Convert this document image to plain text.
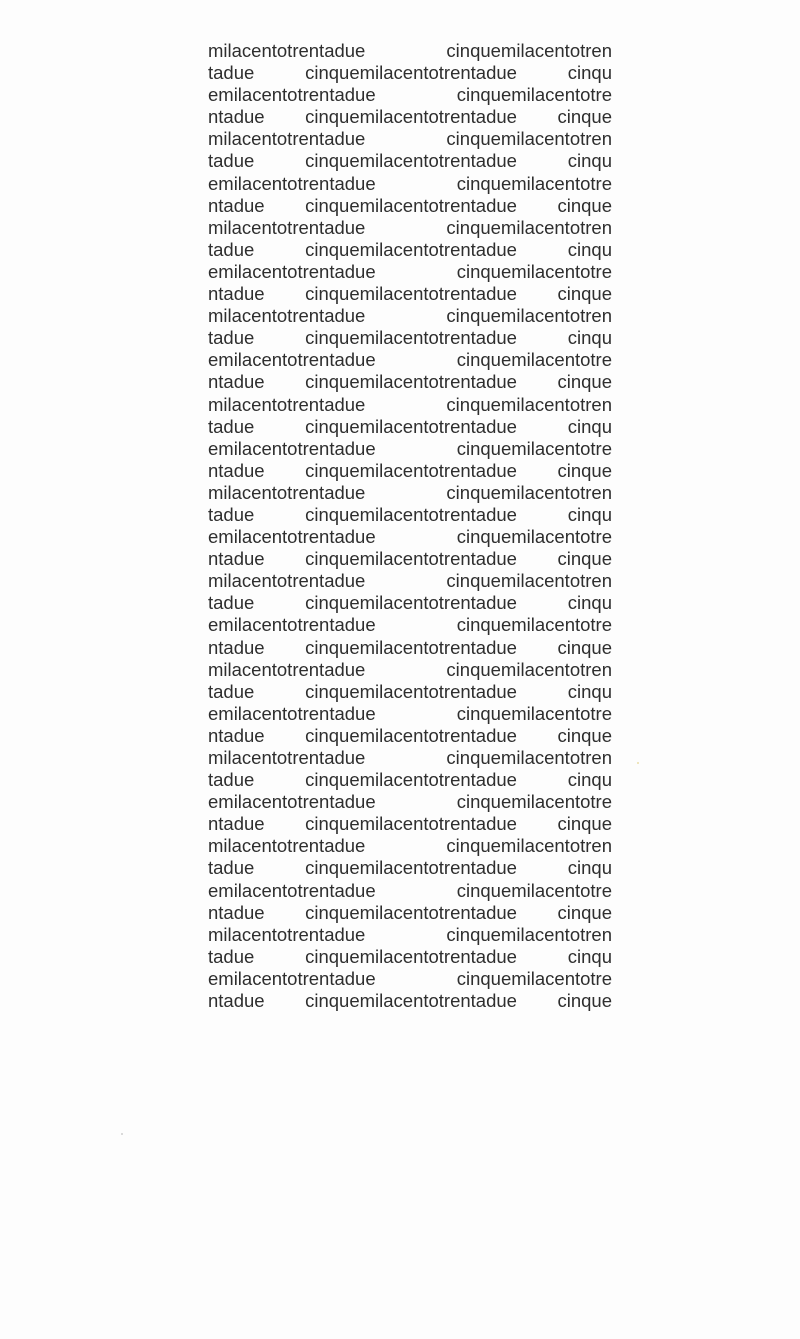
milacentotrentadue	cinquemilacentotren
tadue	cinquemilacentotrentadue	cinqu
emilacentotrentadue	cinquemilacentotre
ntadue cinquemilacentotrentadue cinque
milacentotrentadue	cinquemilacentotren
tadue	cinquemilacentotrentadue	cinqu
emilacentotrentadue	cinquemilacentotre
ntadue cinquemilacentotrentadue cinque
milacentotrentadue	cinquemilacentotren
tadue	cinquemilacentotrentadue	cinqu
emilacentotrentadue	cinquemilacentotre
ntadue cinquemilacentotrentadue cinque
milacentotrentadue	cinquemilacentotren
tadue	cinquemilacentotrentadue	cinqu
emilacentotrentadue	cinquemilacentotre
ntadue cinquemilacentotrentadue cinque
milacentotrentadue	cinquemilacentotren
tadue	cinquemilacentotrentadue	cinqu
emilacentotrentadue	cinquemilacentotre
ntadue cinquemilacentotrentadue cinque
milacentotrentadue	cinquemilacentotren
tadue	cinquemilacentotrentadue	cinqu
emilacentotrentadue	cinquemilacentotre
ntadue cinquemilacentotrentadue cinque
milacentotrentadue	cinquemilacentotren
tadue	cinquemilacentotrentadue	cinqu
emilacentotrentadue	cinquemilacentotre
ntadue cinquemilacentotrentadue cinque
milacentotrentadue	cinquemilacentotren
tadue	cinquemilacentotrentadue	cinqu
emilacentotrentadue	cinquemilacentotre
ntadue cinquemilacentotrentadue cinque
milacentotrentadue	cinquemilacentotren
tadue	cinquemilacentotrentadue	cinqu
emilacentotrentadue	cinquemilacentotre
ntadue cinquemilacentotrentadue cinque
milacentotrentadue	cinquemilacentotren
tadue	cinquemilacentotrentadue	cinqu
emilacentotrentadue	cinquemilacentotre
ntadue cinquemilacentotrentadue cinque
milacentotrentadue	cinquemilacentotren
tadue	cinquemilacentotrentadue	cinqu
emilacentotrentadue	cinquemilacentotre
ntadue cinquemilacentotrentadue cinque
